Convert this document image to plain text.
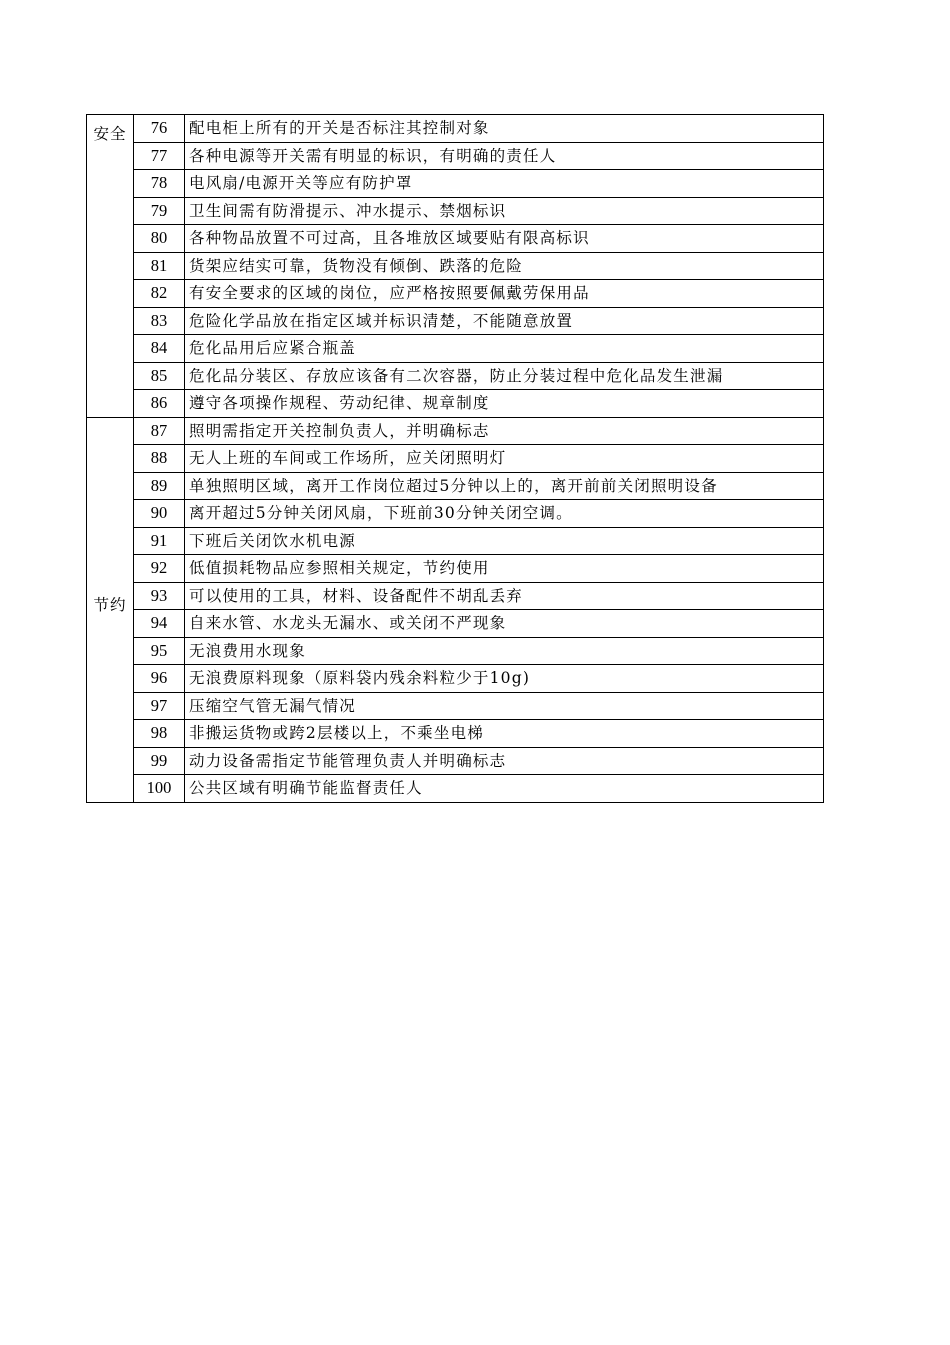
安全	76	配电柜上所有的开关是否标注其控制对象
	77	各种电源等开关需有明显的标识，有明确的责任人
	78	电风扇/电源开关等应有防护罩
	79	卫生间需有防滑提示、冲水提示、禁烟标识
	80	各种物品放置不可过高，且各堆放区域要贴有限高标识
	81	货架应结实可靠，货物没有倾倒、跌落的危险
	82	有安全要求的区域的岗位，应严格按照要佩戴劳保用品
	83	危险化学品放在指定区域并标识清楚，不能随意放置
	84	危化品用后应紧合瓶盖
	85	危化品分装区、存放应该备有二次容器，防止分装过程中危化品发生泄漏
	86	遵守各项操作规程、劳动纪律、规章制度

节约	87	照明需指定开关控制负责人，并明确标志
	88	无人上班的车间或工作场所，应关闭照明灯
	89	单独照明区域，离开工作岗位超过5分钟以上的，离开前前关闭照明设备
	90	离开超过5分钟关闭风扇，下班前30分钟关闭空调。
	91	下班后关闭饮水机电源
	92	低值损耗物品应参照相关规定，节约使用
	93	可以使用的工具，材料、设备配件不胡乱丢弃
	94	自来水管、水龙头无漏水、或关闭不严现象
	95	无浪费用水现象
	96	无浪费原料现象（原料袋内残余料粒少于10g)
	97	压缩空气管无漏气情况
	98	非搬运货物或跨2层楼以上，不乘坐电梯
	99	动力设备需指定节能管理负责人并明确标志
	100	公共区域有明确节能监督责任人
